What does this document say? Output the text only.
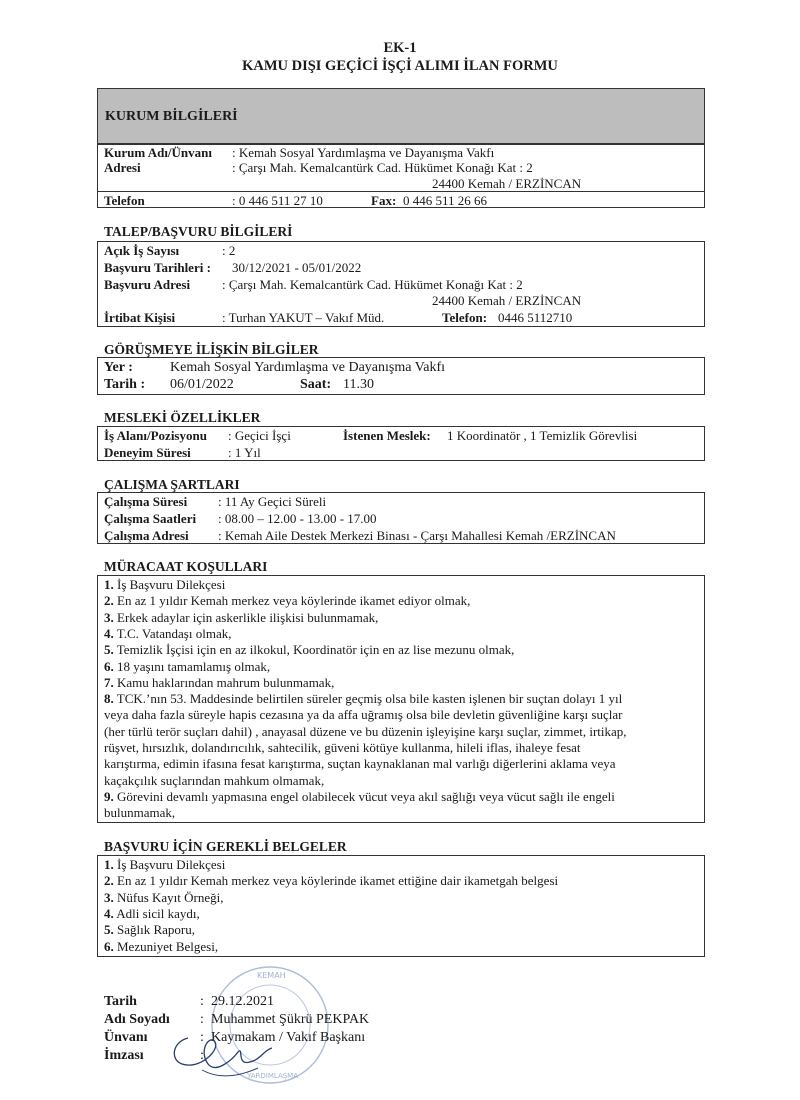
EK-1
KAMU DIŞI GEÇİCİ İŞÇİ ALIMI İLAN FORMU
KURUM BİLGİLERİ
Kurum Adı/Ünvanı : Kemah Sosyal Yardımlaşma ve Dayanışma Vakfı
Adresi	: Çarşı Mah. Kemalcantürk Cad. Hükümet Konağı Kat : 2
24400 Kemah / ERZİNCAN
Telefon	: 0 446 511 27 10	Fax: 0 446 511 26 66
TALEP/BAŞVURU BİLGİLERİ
Açık İş Sayısı	: 2
Başvuru Tarihleri : 30/12/2021 - 05/01/2022
Başvuru Adresi : Çarşı Mah. Kemalcantürk Cad. Hükümet Konağı Kat : 2
24400 Kemah / ERZİNCAN
İrtibat Kişisi	: Turhan YAKUT – Vakıf Müd.	Telefon: 0446 5112710
GÖRÜŞMEYE İLİŞKİN BİLGİLER
Yer :	Kemah Sosyal Yardımlaşma ve Dayanışma Vakfı
Tarih : 06/01/2022	Saat: 11.30
MESLEKİ ÖZELLİKLER
İş Alanı/Pozisyonu : Geçici İşçi	İstenen Meslek: 1 Koordinatör , 1 Temizlik Görevlisi
Deneyim Süresi	: 1 Yıl
ÇALIŞMA ŞARTLARI
Çalışma Süresi : 11 Ay Geçici Süreli
Çalışma Saatleri : 08.00 – 12.00 - 13.00 - 17.00
Çalışma Adresi : Kemah Aile Destek Merkezi Binası - Çarşı Mahallesi Kemah /ERZİNCAN
MÜRACAAT KOŞULLARI
1. İş Başvuru Dilekçesi
2. En az 1 yıldır Kemah merkez veya köylerinde ikamet ediyor olmak,
3. Erkek adaylar için askerlikle ilişkisi bulunmamak,
4. T.C. Vatandaşı olmak,
5. Temizlik İşçisi için en az ilkokul, Koordinatör için en az lise mezunu olmak,
6. 18 yaşını tamamlamış olmak,
7. Kamu haklarından mahrum bulunmamak,
8. TCK.’nın 53. Maddesinde belirtilen süreler geçmiş olsa bile kasten işlenen bir suçtan dolayı 1 yıl
veya daha fazla süreyle hapis cezasına ya da affa uğramış olsa bile devletin güvenliğine karşı suçlar
(her türlü terör suçları dahil) , anayasal düzene ve bu düzenin işleyişine karşı suçlar, zimmet, irtikap,
rüşvet, hırsızlık, dolandırıcılık, sahtecilik, güveni kötüye kullanma, hileli iflas, ihaleye fesat
karıştırma, edimin ifasına fesat karıştırma, suçtan kaynaklanan mal varlığı diğerlerini aklama veya
kaçakçılık suçlarından mahkum olmamak,
9. Görevini devamlı yapmasına engel olabilecek vücut veya akıl sağlığı veya vücut sağlı ile engeli
bulunmamak,
BAŞVURU İÇİN GEREKLİ BELGELER
1. İş Başvuru Dilekçesi
2. En az 1 yıldır Kemah merkez veya köylerinde ikamet ettiğine dair ikametgah belgesi
3. Nüfus Kayıt Örneği,
4. Adli sicil kaydı,
5. Sağlık Raporu,
6. Mezuniyet Belgesi,
KEMAH
YARDIMLAŞMA
Tarih	: 29.12.2021
Adı Soyadı : Muhammet Şükrü PEKPAK
Ünvanı	: Kaymakam / Vakıf Başkanı
İmzası	:
